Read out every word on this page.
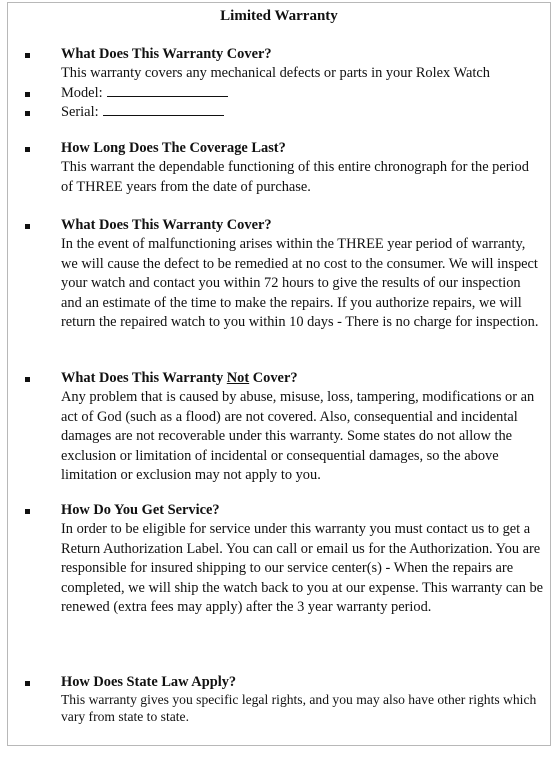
Limited Warranty
What Does This Warranty Cover?
This warranty covers any mechanical defects or parts in your Rolex Watch
Model:
Serial:
How Long Does The Coverage Last?
This warrant the dependable functioning of this entire chronograph for the period of THREE years from the date of purchase.
What Does This Warranty Cover?
In the event of malfunctioning arises within the THREE year period of warranty, we will cause the defect to be remedied at no cost to the consumer. We will inspect your watch and contact you within 72 hours to give the results of our inspection and an estimate of the time to make the repairs. If you authorize repairs, we will return the repaired watch to you within 10 days - There is no charge for inspection.
What Does This Warranty Not Cover?
Any problem that is caused by abuse, misuse, loss, tampering, modifications or an act of God (such as a flood) are not covered. Also, consequential and incidental damages are not recoverable under this warranty. Some states do not allow the exclusion or limitation of incidental or consequential damages, so the above limitation or exclusion may not apply to you.
How Do You Get Service?
In order to be eligible for service under this warranty you must contact us to get a Return Authorization Label. You can call or email us for the Authorization. You are responsible for insured shipping to our service center(s) - When the repairs are completed, we will ship the watch back to you at our expense. This warranty can be renewed (extra fees may apply) after the 3 year warranty period.
How Does State Law Apply?
This warranty gives you specific legal rights, and you may also have other rights which vary from state to state.
